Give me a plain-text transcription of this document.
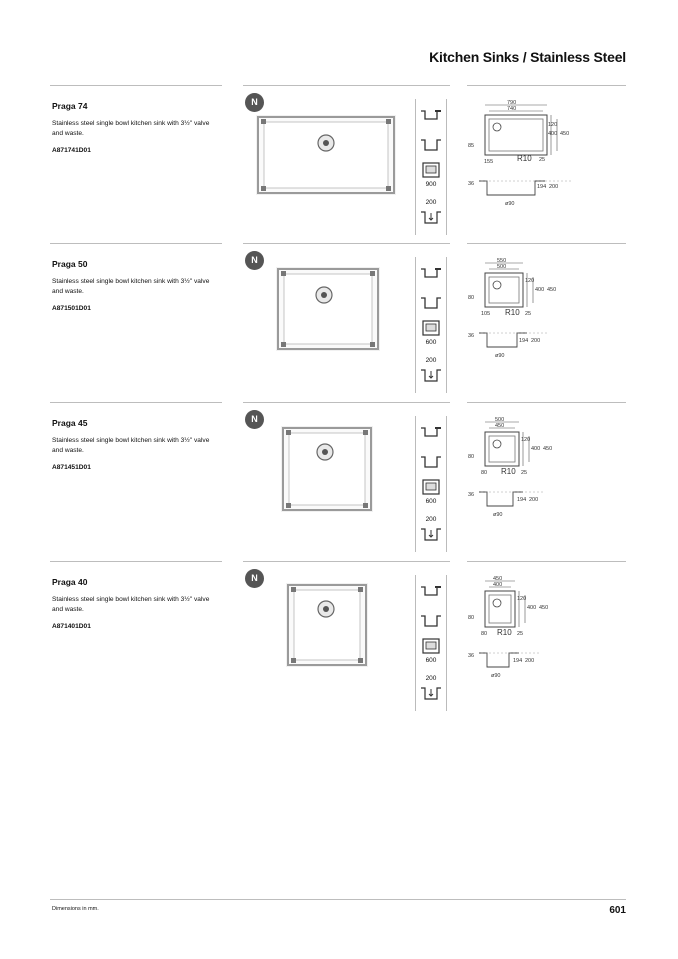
Kitchen Sinks / Stainless Steel
Praga 74
Stainless steel single bowl kitchen sink with 3½" valve and waste.
A871741D01
N
900
200
790
740
120
400 450
85
155	R10 25
36	194 200
ø90
Praga 50
Stainless steel single bowl kitchen sink with 3½" valve and waste.
A871501D01
N
600
200
550
500
120
400 450
80
105 R10 25
36
194 200
ø90
Praga 45
Stainless steel single bowl kitchen sink with 3½" valve and waste.
A871451D01
N
600
200
500
450
120
400 450
80
80 R10 25
36
194 200
ø90
Praga 40
Stainless steel single bowl kitchen sink with 3½" valve and waste.
A871401D01
N
600
200
450
400
120
400 450
80
80 R10 25
36
194 200
ø90
Dimensions in mm.	601
